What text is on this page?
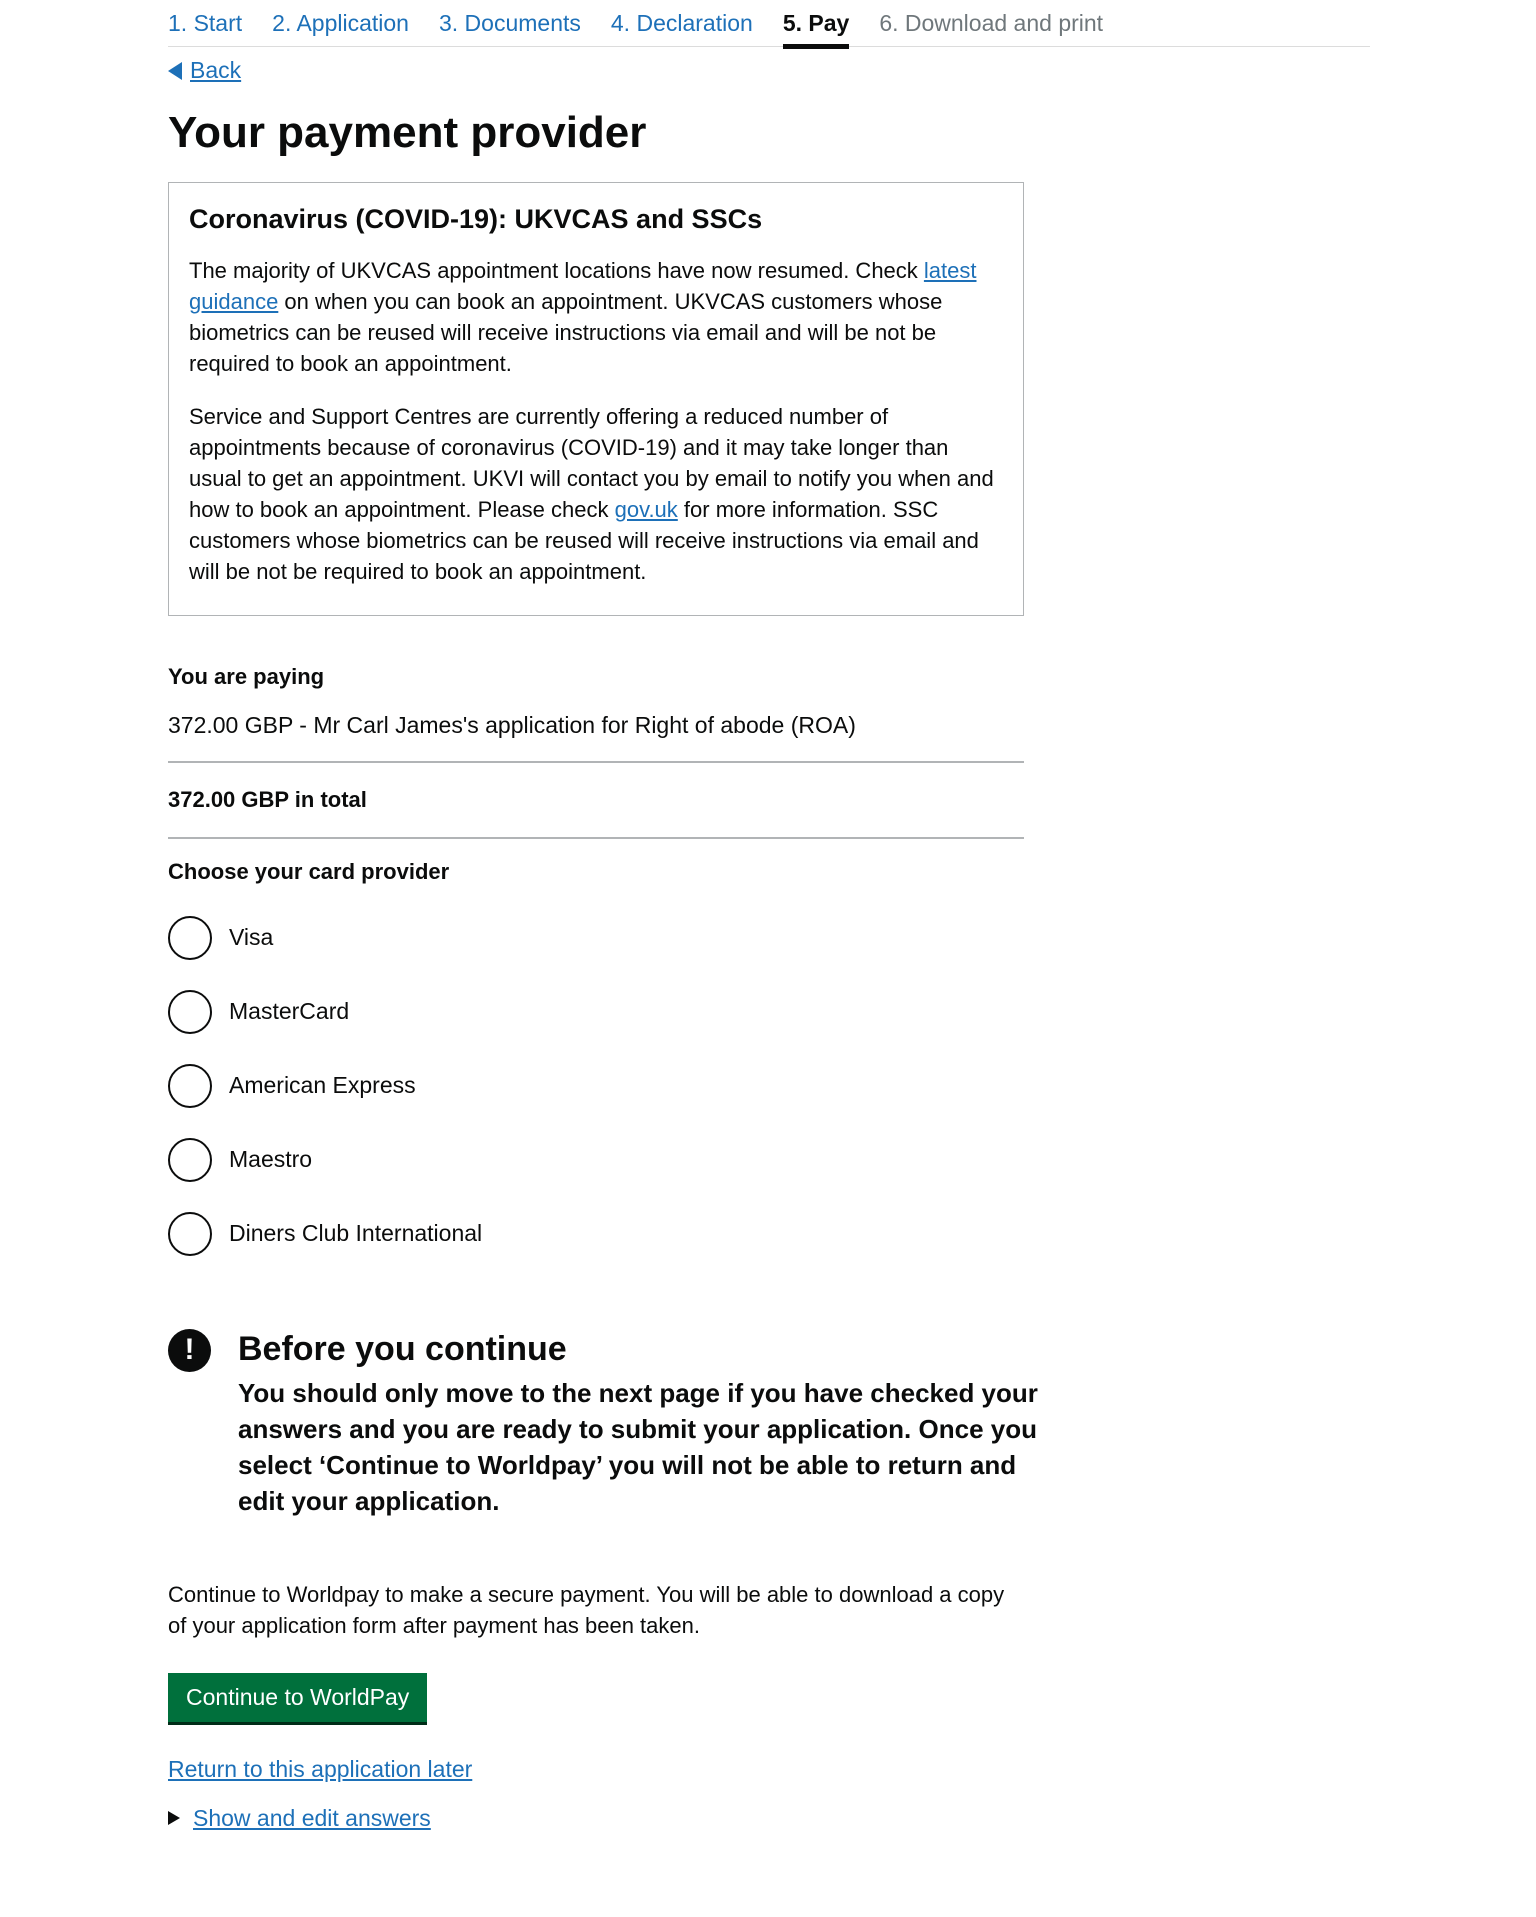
1. Start 2. Application 3. Documents 4. Declaration 5. Pay 6. Download and print
Back
Your payment provider
Coronavirus (COVID-19): UKVCAS and SSCs

The majority of UKVCAS appointment locations have now resumed. Check latest guidance on when you can book an appointment. UKVCAS customers whose biometrics can be reused will receive instructions via email and will be not be required to book an appointment.

Service and Support Centres are currently offering a reduced number of appointments because of coronavirus (COVID-19) and it may take longer than usual to get an appointment. UKVI will contact you by email to notify you when and how to book an appointment. Please check gov.uk for more information. SSC customers whose biometrics can be reused will receive instructions via email and will be not be required to book an appointment.

You are paying

372.00 GBP - Mr Carl James's application for Right of abode (ROA)

372.00 GBP in total

Choose your card provider

Visa
MasterCard
American Express
Maestro
Diners Club International
!	Before you continue
You should only move to the next page if you have checked your answers and you are ready to submit your application. Once you select ‘Continue to Worldpay’ you will not be able to return and edit your application.

Continue to Worldpay to make a secure payment. You will be able to download a copy of your application form after payment has been taken.

Continue to WorldPay
Return to this application later
Show and edit answers
